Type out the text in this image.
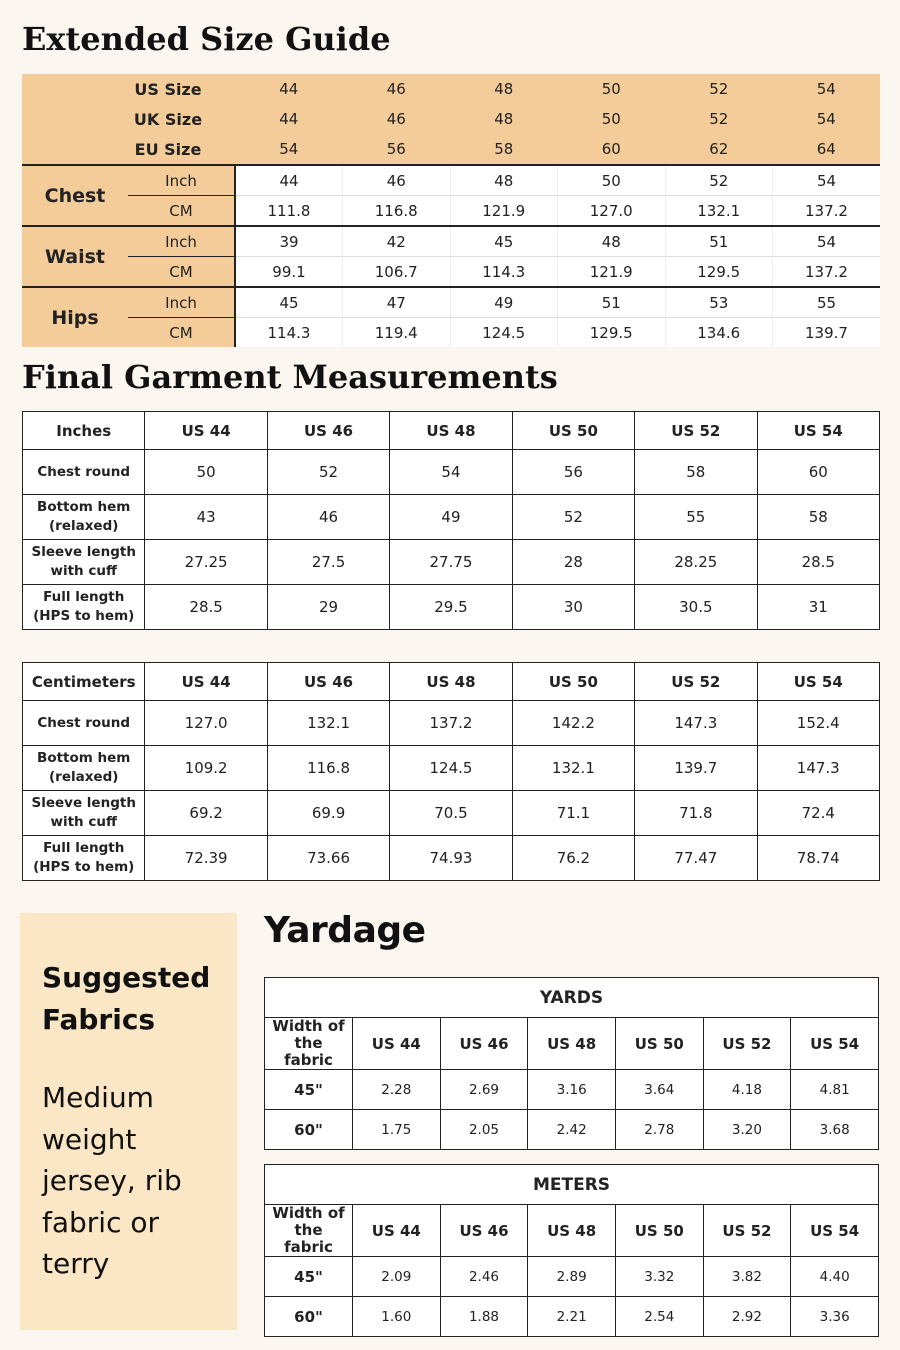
Extended Size Guide
US Size		44	46	48	50	52	54
UK Size		44	46	48	50	52	54
EU Size		54	56	58	60	62	64
Chest	Inch	44	46	48	50	52	54
	CM	111.8	116.8	121.9	127.0	132.1	137.2
Waist	Inch	39	42	45	48	51	54
	CM	99.1	106.7	114.3	121.9	129.5	137.2
Hips	Inch	45	47	49	51	53	55
	CM	114.3	119.4	124.5	129.5	134.6	139.7
Final Garment Measurements
Inches	US 44	US 46	US 48	US 50	US 52	US 54
Chest round	50	52	54	56	58	60
Bottom hem
(relaxed)	43	46	49	52	55	58
Sleeve length
with cuff	27.25	27.5	27.75	28	28.25	28.5
Full length
(HPS to hem)	28.5	29	29.5	30	30.5	31
Centimeters	US 44	US 46	US 48	US 50	US 52	US 54
Chest round	127.0	132.1	137.2	142.2	147.3	152.4
Bottom hem
(relaxed)	109.2	116.8	124.5	132.1	139.7	147.3
Sleeve length
with cuff	69.2	69.9	70.5	71.1	71.8	72.4
Full length
(HPS to hem)	72.39	73.66	74.93	76.2	77.47	78.74
Suggested
Fabrics
Medium
weight
jersey, rib
fabric or
terry
Yardage
YARDS						
Width of the
fabric	US 44	US 46	US 48	US 50	US 52	US 54
45"	2.28	2.69	3.16	3.64	4.18	4.81
60"	1.75	2.05	2.42	2.78	3.20	3.68
METERS						
Width of the
fabric	US 44	US 46	US 48	US 50	US 52	US 54
45"	2.09	2.46	2.89	3.32	3.82	4.40
60"	1.60	1.88	2.21	2.54	2.92	3.36
